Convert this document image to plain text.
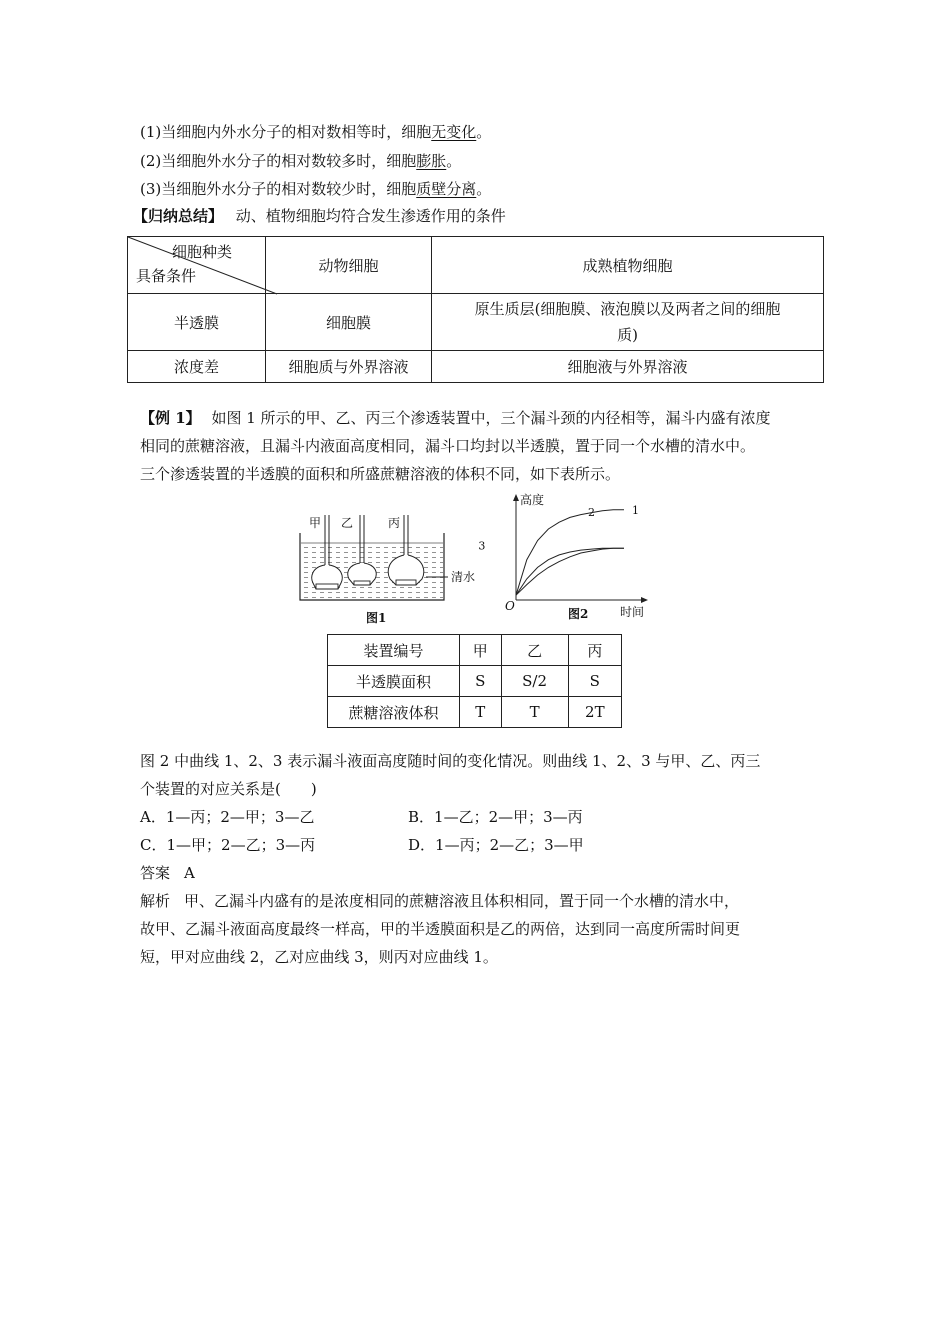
(1)当细胞内外水分子的相对数相等时，细胞无变化。
(2)当细胞外水分子的相对数较多时，细胞膨胀。
(3)当细胞外水分子的相对数较少时，细胞质壁分离。
【归纳总结】 动、植物细胞均符合发生渗透作用的条件
细胞种类
具备条件	动物细胞	成熟植物细胞
半透膜	细胞膜	原生质层(细胞膜、液泡膜以及两者之间的细胞
质)

浓度差	细胞质与外界溶液	细胞液与外界溶液
【例 1】 如图 1 所示的甲、乙、丙三个渗透装置中，三个漏斗颈的内径相等，漏斗内盛有浓度
相同的蔗糖溶液，且漏斗内液面高度相同，漏斗口均封以半透膜，置于同一个水槽的清水中。
三个渗透装置的半透膜的面积和所盛蔗糖溶液的体积不同，如下表所示。
甲 乙	丙
清水
图1
1
2
3
高度
时间
O
图2
装置编号	甲	乙	丙
半透膜面积	S	S/2	S
蔗糖溶液体积	T	T	2T
图 2 中曲线 1、2、3 表示漏斗液面高度随时间的变化情况。则曲线 1、2、3 与甲、乙、丙三
个装置的对应关系是(　　)
A．1—丙；2—甲；3—乙	B．1—乙；2—甲；3—丙
C．1—甲；2—乙；3—丙	D．1—丙；2—乙；3—甲
答案 A
解析 甲、乙漏斗内盛有的是浓度相同的蔗糖溶液且体积相同，置于同一个水槽的清水中，
故甲、乙漏斗液面高度最终一样高，甲的半透膜面积是乙的两倍，达到同一高度所需时间更
短，甲对应曲线 2，乙对应曲线 3，则丙对应曲线 1。
